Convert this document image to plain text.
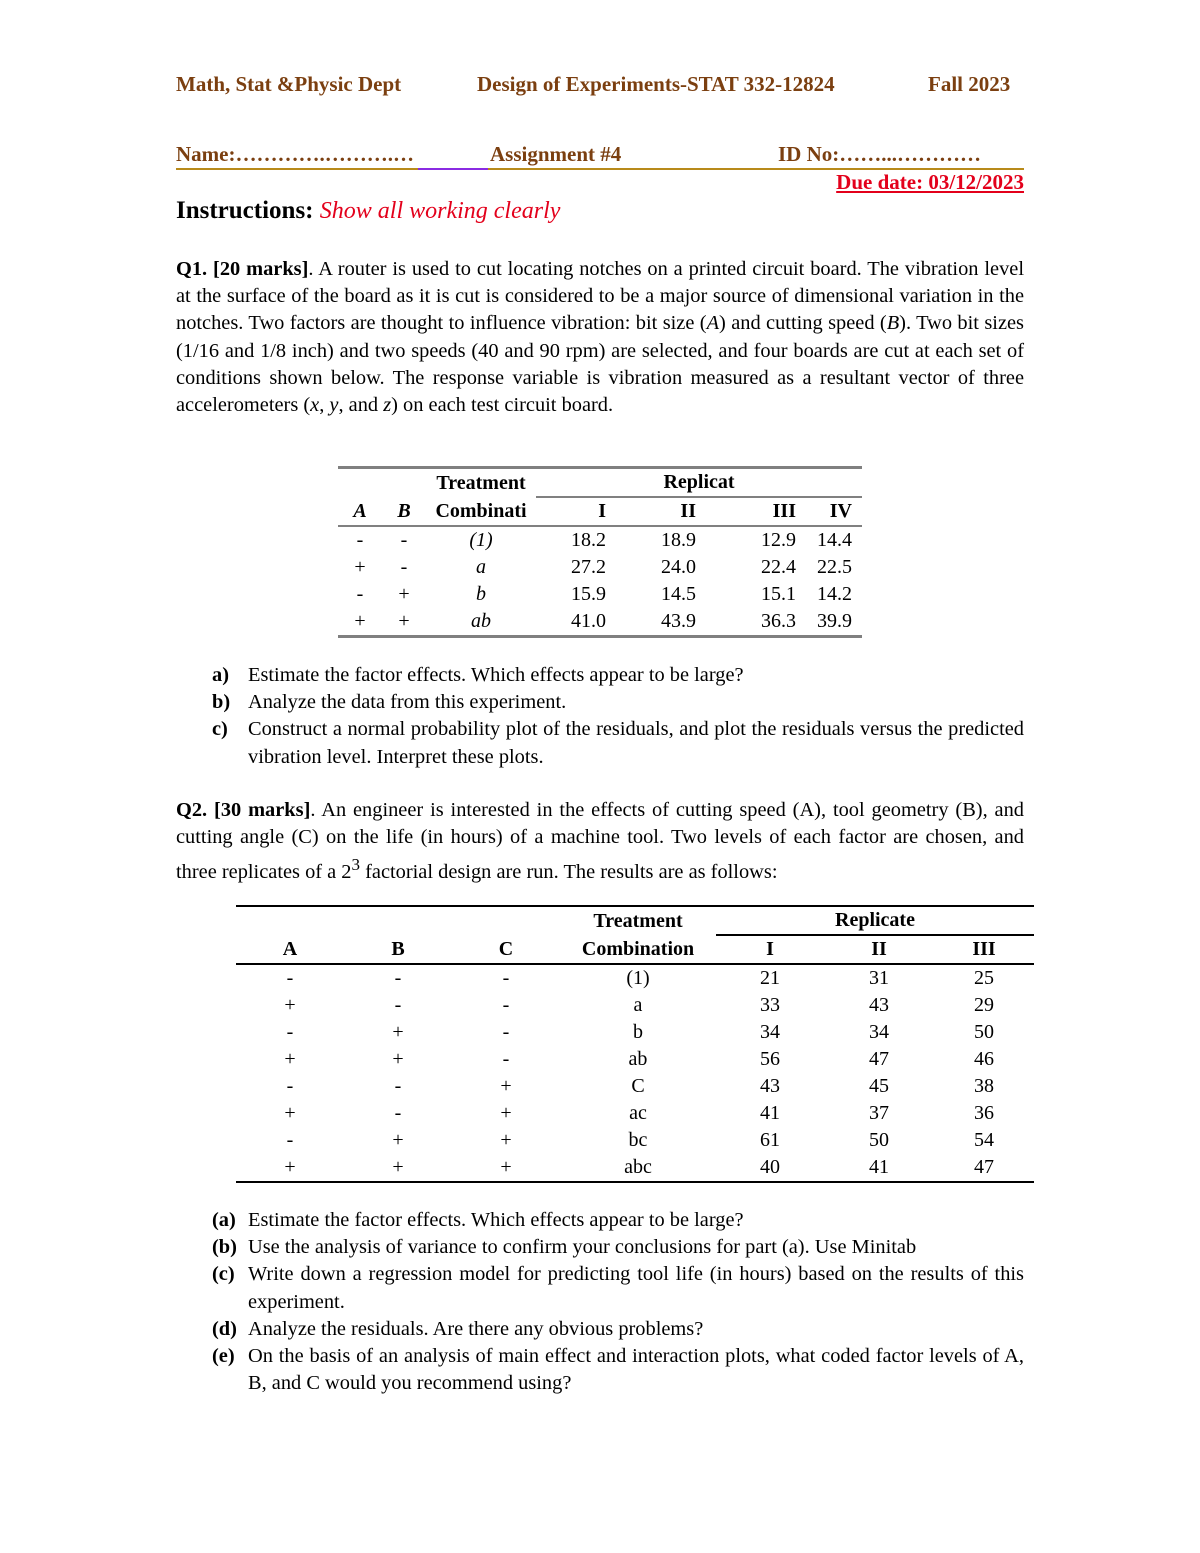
Math, Stat &Physic Dept	Design of Experiments-STAT 332-12824	Fall 2023
Name:………….……….…	Assignment #4	ID No:……...…………
Due date: 03/12/2023
Instructions: Show all working clearly
Q1. [20 marks]. A router is used to cut locating notches on a printed circuit board. The vibration level at the surface of the board as it is cut is considered to be a major source of dimensional variation in the notches. Two factors are thought to influence vibration: bit size (A) and cutting speed (B). Two bit sizes (1/16 and 1/8 inch) and two speeds (40 and 90 rpm) are selected, and four boards are cut at each set of conditions shown below. The response variable is vibration measured as a resultant vector of three accelerometers (x, y, and z) on each test circuit board.
		Treatment	Replicat			
A	B	Combinati	I	II	III	IV
-	-	(1)	18.2	18.9	12.9	14.4
+	-	a	27.2	24.0	22.4	22.5
-	+	b	15.9	14.5	15.1	14.2
+	+	ab	41.0	43.9	36.3	39.9
a) Estimate the factor effects. Which effects appear to be large?
b) Analyze the data from this experiment.
c) Construct a normal probability plot of the residuals, and plot the residuals versus the predicted vibration level. Interpret these plots.
Q2. [30 marks]. An engineer is interested in the effects of cutting speed (A), tool geometry (B), and cutting angle (C) on the life (in hours) of a machine tool. Two levels of each factor are chosen, and three replicates of a $2^3$ factorial design are run. The results are as follows:
			Treatment	Replicate		
A	B	C	Combination	I	II	III
-	-	-	(1)	21	31	25
+	-	-	a	33	43	29
-	+	-	b	34	34	50
+	+	-	ab	56	47	46
-	-	+	C	43	45	38
+	-	+	ac	41	37	36
-	+	+	bc	61	50	54
+	+	+	abc	40	41	47
(a) Estimate the factor effects. Which effects appear to be large?
(b) Use the analysis of variance to confirm your conclusions for part (a). Use Minitab
(c) Write down a regression model for predicting tool life (in hours) based on the results of this experiment.
(d) Analyze the residuals. Are there any obvious problems?
(e) On the basis of an analysis of main effect and interaction plots, what coded factor levels of A, B, and C would you recommend using?
